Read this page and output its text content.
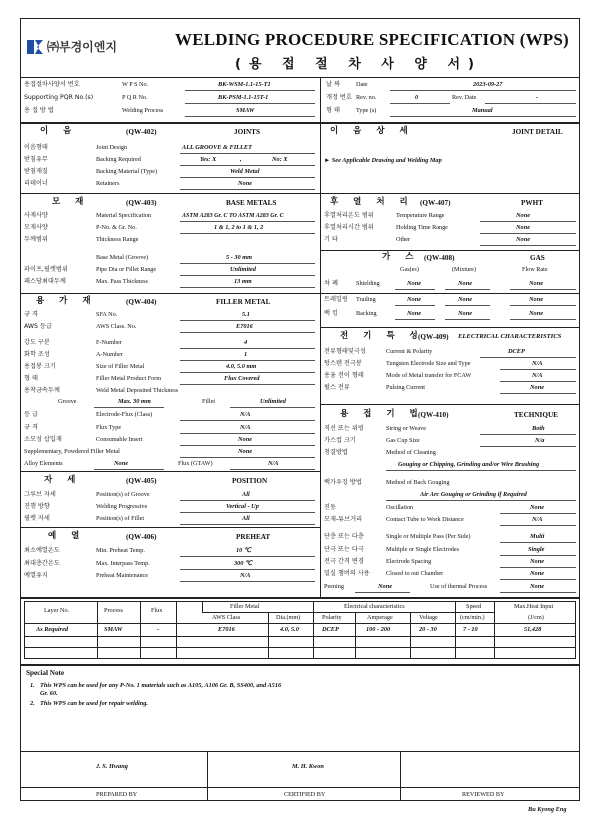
㈜부경이엔지	WELDING PROCEDURE SPECIFICATION (WPS)
(용 접 절 차 사 양 서)
용접절차사양서 번호	W P S No.	BK-WSM-1.1-15-T1
Supporting PQR No.(s)	P Q R No.	BK-PSM-1.1-15T-1
용 접 방 법	Welding Process	SMAW
날 짜	Date	2023-09-27
개정 번호 Rev. no.	0	Rev. Date	-
형 태	Type (s)	Manual
이 음	(QW-402)	JOINTS
이음형태	Joint Design	ALL GROOVE & FILLET
받침유무	Backing Required	Yes: X	,	No: X
받침재질	Backing Material (Type)	Weld Metal
리테이너	Retainers	None
이 음 상 세	JOINT DETAIL
► See Applicable Drawing and Welding Map
모 재	(QW-403)	BASE METALS
사재사양	Material Specification	ASTM A283 Gr. C TO ASTM A283 Gr. C
모재사양	P-No. & Gr. No.	1 & 1, 2 to 1 & 1, 2
두께범위	Thickness Range
Base Metal (Groove)	5 - 30 mm
파이프,필렛범위	Pipe Dia or Fillet Range	Unlimited
패스당최대두께	Max. Pass Thickness	13 mm
후 열 처 리 (QW-407)	PWHT
후열처리온도 범위	Temperature Range	None
후열처리시간 범위	Holding Time Range	None
기 타	Other	None
가 스 (QW-408)	GAS
Gas(es)	(Mixture)	Flow Rate
차 폐	Shielding	None	None	None
트레일링 Trailing	None	None	None
백 킹	Backing	None	None	None
용 가 재	(QW-404)	FILLER METAL
규 격	SFA No.	5.1
AWS 등급	AWS Class. No.	E7016
강도 구분	F-Number	4
화학 조성	A-Number	1
용접봉 크기	Size of Filler Metal	4.0, 5.0 mm
형 태	Filler Metal Product Form	Flux Covered
용착금속두께	Weld Metal Deposited Thickness
Groove	Max. 30 mm	Fillet	Unlimited
등 급	Electrode-Flux (Class)	N/A
규 격	Flux Type	N/A
소모성 삽입재	Consumable Insert	None
Supplementary, Powdered Filler Metal	None
Alloy Elements	None	Flux (GTAW)	N/A
전 기 특 성
(QW-409) ELECTRICAL CHARACTERISTICS
전류형태및극성	Current & Polarity	DCEP
텅스텐 전극봉	Tungsten Electrode Size and Type	N/A
용융 전이 형태	Mode of Metal transfer for FCAW	N/A
펄스 전류	Pulsing Current	None
용 접 기 법
(QW-410)	TECHNIQUE
직선 또는 위빙	String or Weave	Both
가스컵 크기	Gas Cup Size	N/a
청결방법	Method of Cleaning
Gouging or Chipping, Grinding and/or Wire Brushing
백가우징 방법	Method of Back Gouging
Air Arc Gouging or Grinding if Required
진동	Oscillation	None
모재-튜브거리	Contact Tube to Work Distance	N/A
단층 또는 다층	Single or Multiple Pass (Per Side)	Multi
단극 또는 다극	Multiple or Single Electrodes	Single
전극 간격 변경	Electrode Spacing	None
밀실 챔버의 사용	Closed to out Chamber	None
Peening	None	Use of thermal Process	None
자 세	(QW-405)	POSITION
그루브 자세	Position(s) of Groove	All
진행 방향	Welding Progressive	Vertical - Up
필렛 자세	Position(s) of Fillet	All
예 열	(QW-406)	PREHEAT
최소예열온도	Min. Preheat Temp.	10 ℃
최대층간온도	Max. Interpass Temp.	300 ℃
예열유지	Preheat Maintenance	N/A
Layer No.	Process	Flux
Filler Metal
AWS Class	Dia.(mm)
Electrical characteristics
Polarity	Amperage	Voltage
Speed
(cm/min.)
Max.Heat Input
(J/cm)
As Required	SMAW	-	E7016	4.0, 5.0	DCEP	100 - 200	20 - 30	7 - 10	51,428
Special Note
1. This WPS can be used for any P-No. 1 materials such as A105, A106 Gr. B, SS400, and A516
Gr. 60.
2. This WPS can be used for repair welding.
J. S. Hwang	M. H. Kwon
PREPARED BY	CERTIFIED BY	REVIEWED BY
Bu Kyong Eng
